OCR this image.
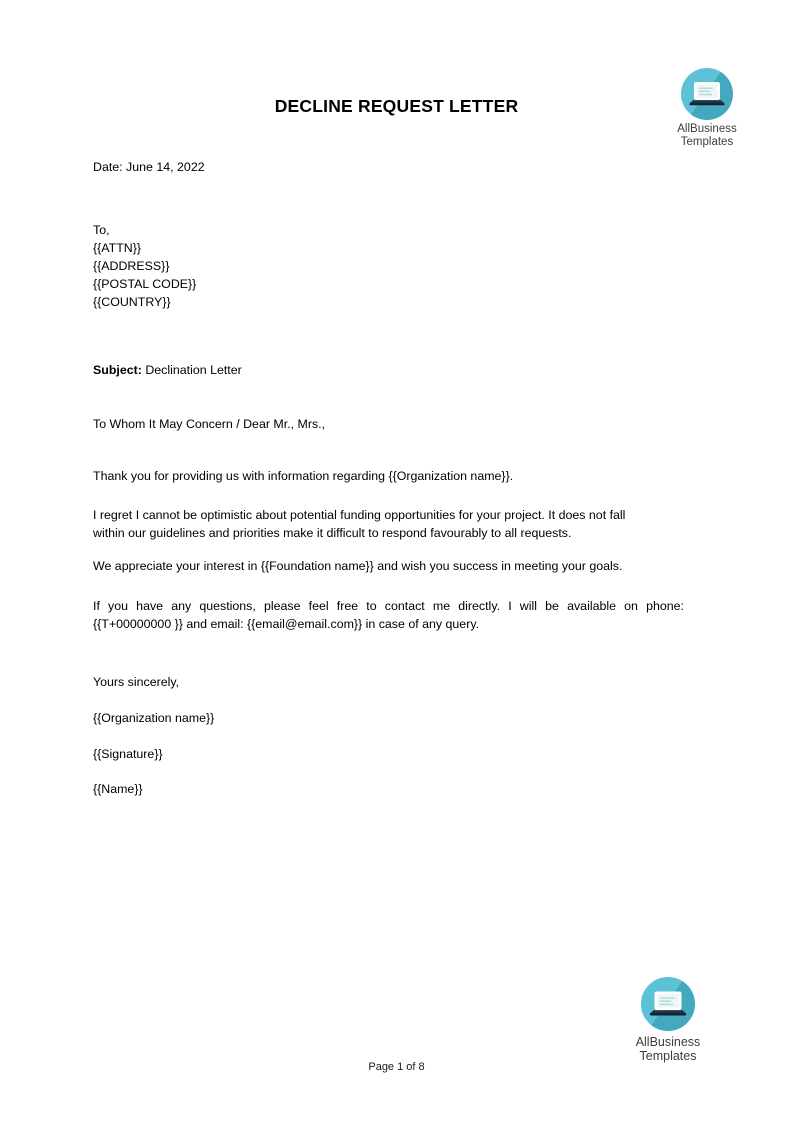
AllBusiness
Templates
DECLINE REQUEST LETTER
Date: June 14, 2022
To,
{{ATTN}}
{{ADDRESS}}
{{POSTAL CODE}}
{{COUNTRY}}
Subject: Declination Letter
To Whom It May Concern / Dear Mr., Mrs.,
Thank you for providing us with information regarding {{Organization name}}.
I regret I cannot be optimistic about potential funding opportunities for your project. It does not fall
within our guidelines and priorities make it difficult to respond favourably to all requests.
We appreciate your interest in {{Foundation name}} and wish you success in meeting your goals.
If you have any questions, please feel free to contact me directly. I will be available on phone:
{{T+00000000 }} and email: {{email@email.com}} in case of any query.
Yours sincerely,
{{Organization name}}
{{Signature}}
{{Name}}
AllBusiness
Templates
Page 1 of 8
